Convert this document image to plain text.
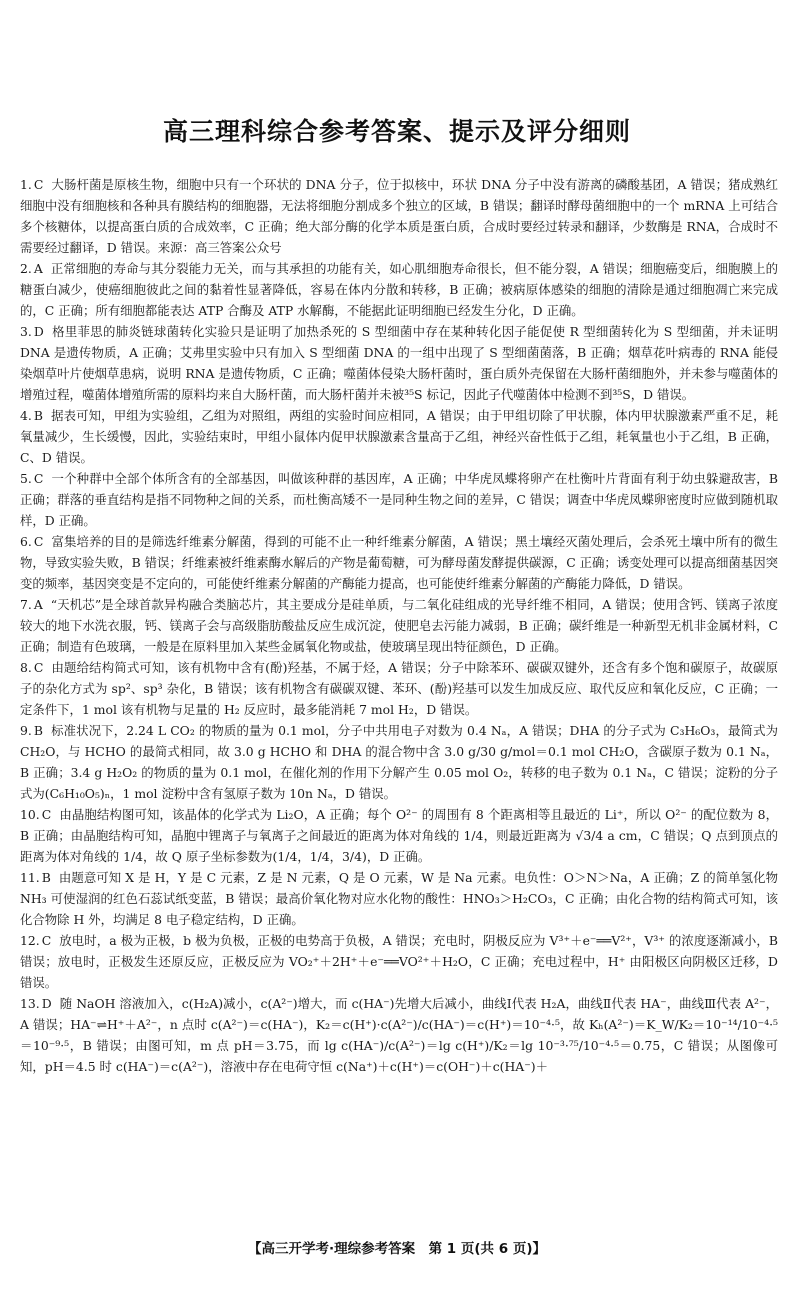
高三理科综合参考答案、提示及评分细则

1. C 大肠杆菌是原核生物，细胞中只有一个环状的 DNA 分子，位于拟核中，环状 DNA 分子中没有游离的磷酸基团，A 错误；猪成熟红细胞中没有细胞核和各种具有膜结构的细胞器，无法将细胞分割成多个独立的区域，B 错误；翻译时酵母菌细胞中的一个 mRNA 上可结合多个核糖体，以提高蛋白质的合成效率，C 正确；绝大部分酶的化学本质是蛋白质，合成时要经过转录和翻译，少数酶是 RNA，合成时不需要经过翻译，D 错误。来源：高三答案公众号

2. A 正常细胞的寿命与其分裂能力无关，而与其承担的功能有关，如心肌细胞寿命很长，但不能分裂，A 错误；细胞癌变后，细胞膜上的糖蛋白减少，使癌细胞彼此之间的黏着性显著降低，容易在体内分散和转移，B 正确；被病原体感染的细胞的清除是通过细胞凋亡来完成的，C 正确；所有细胞都能表达 ATP 合酶及 ATP 水解酶，不能据此证明细胞已经发生分化，D 正确。

3. D 格里菲思的肺炎链球菌转化实验只是证明了加热杀死的 S 型细菌中存在某种转化因子能促使 R 型细菌转化为 S 型细菌，并未证明 DNA 是遗传物质，A 正确；艾弗里实验中只有加入 S 型细菌 DNA 的一组中出现了 S 型细菌菌落，B 正确；烟草花叶病毒的 RNA 能侵染烟草叶片使烟草患病，说明 RNA 是遗传物质，C 正确；噬菌体侵染大肠杆菌时，蛋白质外壳保留在大肠杆菌细胞外，并未参与噬菌体的增殖过程，噬菌体增殖所需的原料均来自大肠杆菌，而大肠杆菌并未被³⁵S 标记，因此子代噬菌体中检测不到³⁵S，D 错误。

4. B 据表可知，甲组为实验组，乙组为对照组，两组的实验时间应相同，A 错误；由于甲组切除了甲状腺，体内甲状腺激素严重不足，耗氧量减少，生长缓慢，因此，实验结束时，甲组小鼠体内促甲状腺激素含量高于乙组，神经兴奋性低于乙组，耗氧量也小于乙组，B 正确，C、D 错误。

5. C 一个种群中全部个体所含有的全部基因，叫做该种群的基因库，A 正确；中华虎凤蝶将卵产在杜衡叶片背面有利于幼虫躲避敌害，B 正确；群落的垂直结构是指不同物种之间的关系，而杜衡高矮不一是同种生物之间的差异，C 错误；调查中华虎凤蝶卵密度时应做到随机取样，D 正确。

6. C 富集培养的目的是筛选纤维素分解菌，得到的可能不止一种纤维素分解菌，A 错误；黑土壤经灭菌处理后，会杀死土壤中所有的微生物，导致实验失败，B 错误；纤维素被纤维素酶水解后的产物是葡萄糖，可为酵母菌发酵提供碳源，C 正确；诱变处理可以提高细菌基因突变的频率，基因突变是不定向的，可能使纤维素分解菌的产酶能力提高，也可能使纤维素分解菌的产酶能力降低，D 错误。

7. A “天机芯”是全球首款异构融合类脑芯片，其主要成分是硅单质，与二氧化硅组成的光导纤维不相同，A 错误；使用含钙、镁离子浓度较大的地下水洗衣服，钙、镁离子会与高级脂肪酸盐反应生成沉淀，使肥皂去污能力减弱，B 正确；碳纤维是一种新型无机非金属材料，C 正确；制造有色玻璃，一般是在原料里加入某些金属氧化物或盐，使玻璃呈现出特征颜色，D 正确。

8. C 由题给结构简式可知，该有机物中含有(酚)羟基，不属于烃，A 错误；分子中除苯环、碳碳双键外，还含有多个饱和碳原子，故碳原子的杂化方式为 sp²、sp³ 杂化，B 错误；该有机物含有碳碳双键、苯环、(酚)羟基可以发生加成反应、取代反应和氧化反应，C 正确；一定条件下，1 mol 该有机物与足量的 H₂ 反应时，最多能消耗 7 mol H₂，D 错误。

9. B 标准状况下，2.24 L CO₂ 的物质的量为 0.1 mol，分子中共用电子对数为 0.4 Nₐ，A 错误；DHA 的分子式为 C₃H₆O₃，最简式为 CH₂O，与 HCHO 的最简式相同，故 3.0 g HCHO 和 DHA 的混合物中含 3.0 g/30 g/mol＝0.1 mol CH₂O，含碳原子数为 0.1 Nₐ，B 正确；3.4 g H₂O₂ 的物质的量为 0.1 mol，在催化剂的作用下分解产生 0.05 mol O₂，转移的电子数为 0.1 Nₐ，C 错误；淀粉的分子式为(C₆H₁₀O₅)ₙ，1 mol 淀粉中含有氢原子数为 10n Nₐ，D 错误。

10. C 由晶胞结构图可知，该晶体的化学式为 Li₂O，A 正确；每个 O²⁻ 的周围有 8 个距离相等且最近的 Li⁺，所以 O²⁻ 的配位数为 8，B 正确；由晶胞结构可知，晶胞中锂离子与氧离子之间最近的距离为体对角线的 1/4，则最近距离为 √3/4 a cm，C 错误；Q 点到顶点的距离为体对角线的 1/4，故 Q 原子坐标参数为(1/4，1/4，3/4)，D 正确。

11. B 由题意可知 X 是 H，Y 是 C 元素，Z 是 N 元素，Q 是 O 元素，W 是 Na 元素。电负性：O＞N＞Na，A 正确；Z 的简单氢化物 NH₃ 可使湿润的红色石蕊试纸变蓝，B 错误；最高价氧化物对应水化物的酸性：HNO₃＞H₂CO₃，C 正确；由化合物的结构简式可知，该化合物除 H 外，均满足 8 电子稳定结构，D 正确。

12. C 放电时，a 极为正极，b 极为负极，正极的电势高于负极，A 错误；充电时，阴极反应为 V³⁺＋e⁻══V²⁺，V³⁺ 的浓度逐渐减小，B 错误；放电时，正极发生还原反应，正极反应为 VO₂⁺＋2H⁺＋e⁻══VO²⁺＋H₂O，C 正确；充电过程中，H⁺ 由阳极区向阴极区迁移，D 错误。

13. D 随 NaOH 溶液加入，c(H₂A)减小，c(A²⁻)增大，而 c(HA⁻)先增大后减小，曲线Ⅰ代表 H₂A，曲线Ⅱ代表 HA⁻，曲线Ⅲ代表 A²⁻，A 错误；HA⁻⇌H⁺＋A²⁻，n 点时 c(A²⁻)＝c(HA⁻)，K₂＝c(H⁺)·c(A²⁻)/c(HA⁻)＝c(H⁺)＝10⁻⁴·⁵，故 Kₕ(A²⁻)＝K_W/K₂＝10⁻¹⁴/10⁻⁴·⁵＝10⁻⁹·⁵，B 错误；由图可知，m 点 pH＝3.75，而 lg c(HA⁻)/c(A²⁻)＝lg c(H⁺)/K₂＝lg 10⁻³·⁷⁵/10⁻⁴·⁵＝0.75，C 错误；从图像可知，pH＝4.5 时 c(HA⁻)＝c(A²⁻)，溶液中存在电荷守恒 c(Na⁺)＋c(H⁺)＝c(OH⁻)＋c(HA⁻)＋

【高三开学考·理综参考答案　第 1 页(共 6 页)】
